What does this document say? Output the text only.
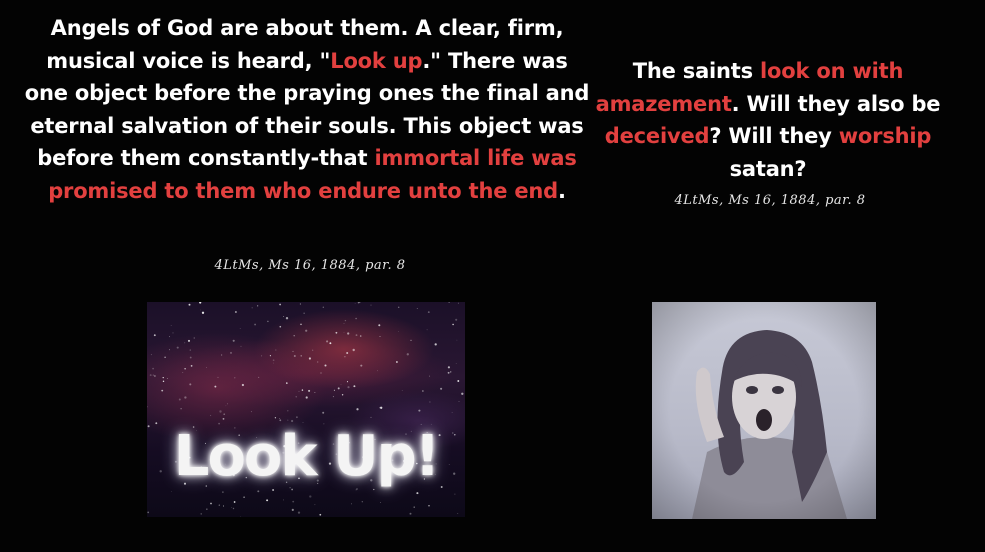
Angels of God are about them. A clear, firm, musical voice is heard, "Look up." There was one object before the praying ones the final and eternal salvation of their souls. This object was before them constantly-that immortal life was promised to them who endure unto the end.
4LtMs, Ms 16, 1884, par. 8
The saints look on with amazement. Will they also be deceived? Will they worship satan?
4LtMs, Ms 16, 1884, par. 8
Look Up!
